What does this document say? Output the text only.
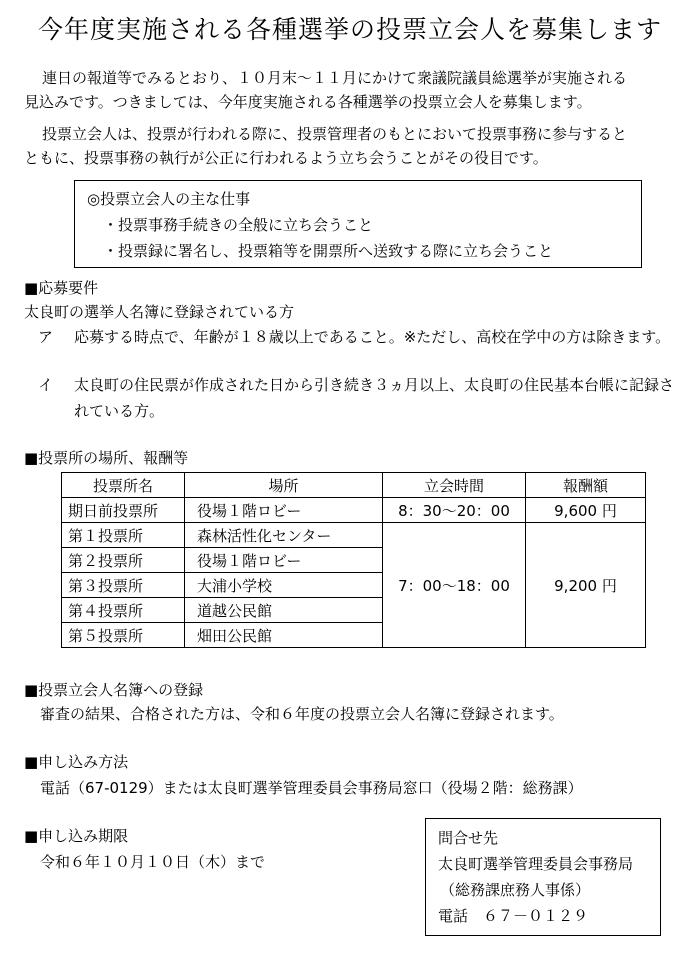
今年度実施される各種選挙の投票立会人を募集します
連日の報道等でみるとおり、１０月末～１１月にかけて衆議院議員総選挙が実施される
見込みです。つきましては、今年度実施される各種選挙の投票立会人を募集します。
投票立会人は、投票が行われる際に、投票管理者のもとにおいて投票事務に参与すると
ともに、投票事務の執行が公正に行われるよう立ち会うことがその役目です。
◎投票立会人の主な仕事
・投票事務手続きの全般に立ち会うこと
・投票録に署名し、投票箱等を開票所へ送致する際に立ち会うこと
■応募要件
太良町の選挙人名簿に登録されている方
ア 応募する時点で、年齢が１８歳以上であること。※ただし、高校在学中の方は除きます。
イ 太良町の住民票が作成された日から引き続き３ヵ月以上、太良町の住民基本台帳に記録されている方。
■投票所の場所、報酬等
投票所名	場所	立会時間	報酬額
期日前投票所	役場１階ロビー	8：30～20：00	9,600 円
第１投票所	森林活性化センター	7：00～18：00	9,200 円
第２投票所	役場１階ロビー		
第３投票所	大浦小学校		
第４投票所	道越公民館		
第５投票所	畑田公民館		
■投票立会人名簿への登録
審査の結果、合格された方は、令和６年度の投票立会人名簿に登録されます。
■申し込み方法
電話（67-0129）または太良町選挙管理委員会事務局窓口（役場２階：総務課）
■申し込み期限
令和６年１０月１０日（木）まで
問合せ先
太良町選挙管理委員会事務局
（総務課庶務人事係）
電話　６７－０１２９
